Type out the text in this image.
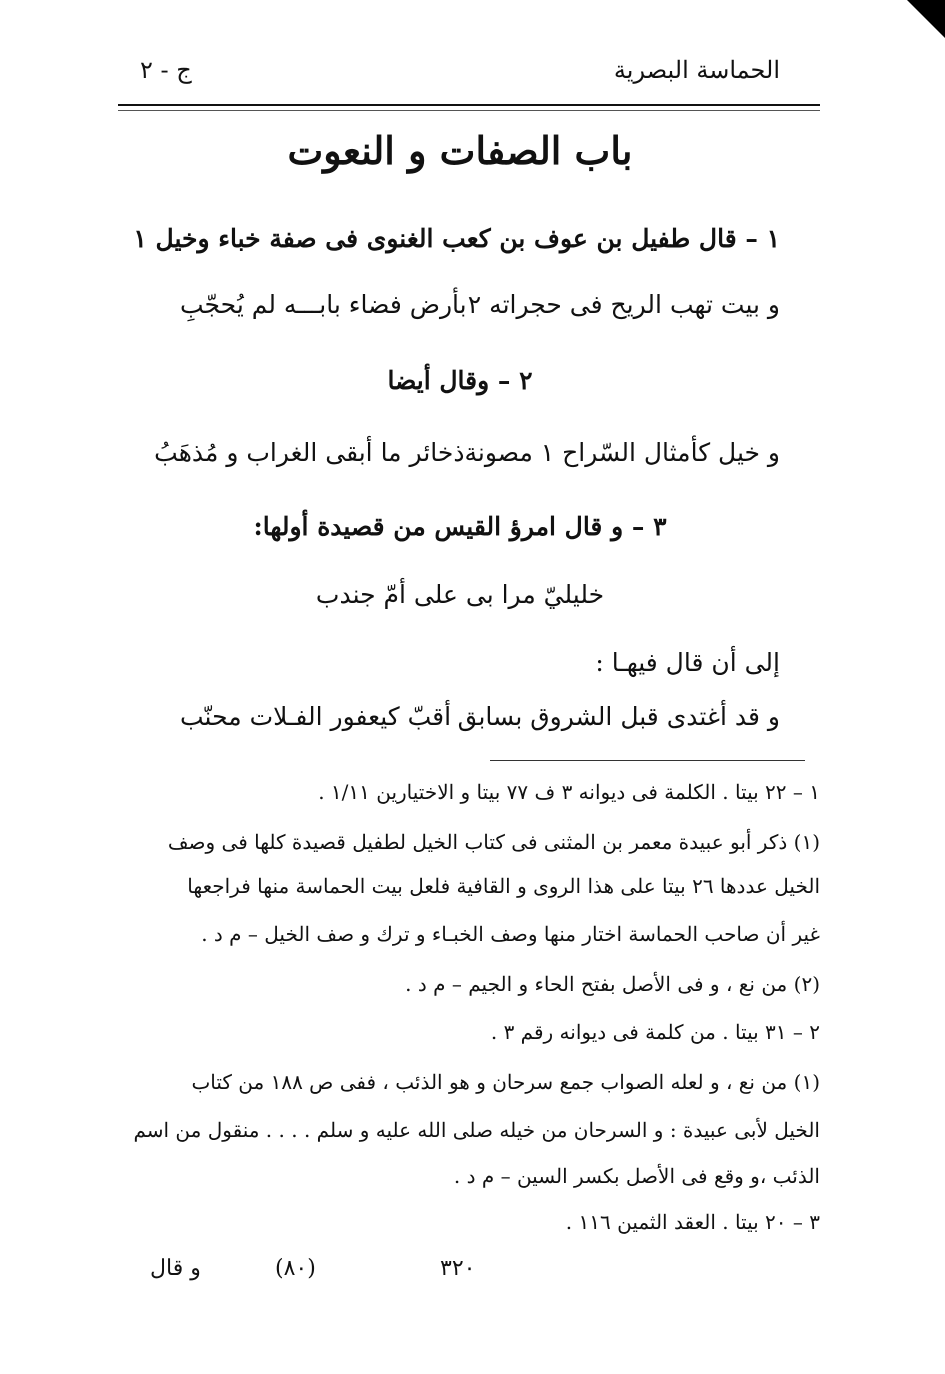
الحماسة البصرية
ج - ٢
باب الصفات و النعوت
١ – قال طفيل بن عوف بن كعب الغنوى فى صفة خباء وخيل ١
و بيت تهب الريح فى حجراته ٢
بأرض فضاء بابـــه لم يُحجّبِ
٢ – وقال أيضا
و خيل كأمثال السّراح ١ مصونة
ذخائر ما أبقى الغراب و مُذهَبُ
٣ – و قال امرؤ القيس من قصيدة أولها:
خليليّ مرا بى على أمّ جندب
إلى أن قال فيهـا :
و قد أغتدى قبل الشروق بسابق
أقبّ كيعفور الفـلات محنّب
١ – ٢٢ بيتا . الكلمة فى ديوانه ٣ ف ٧٧ بيتا و الاختيارين ١/١١ .
(١) ذكر أبو عبيدة معمر بن المثنى فى كتاب الخيل لطفيل قصيدة كلها فى وصف
الخيل عددها ٢٦ بيتا على هذا الروى و القافية فلعل بيت الحماسة منها فراجعها
غير أن صاحب الحماسة اختار منها وصف الخبـاء و ترك و صف الخيل – م د .
(٢) من نع ، و فى الأصل بفتح الحاء و الجيم – م د .
٢ – ٣١ بيتا . من كلمة فى ديوانه رقم ٣ .
(١) من نع ، و لعله الصواب جمع سرحان و هو الذئب ، ففى ص ١٨٨ من كتاب
الخيل لأبى عبيدة : و السرحان من خيله صلى الله عليه و سلم . . . . منقول من اسم
الذئب ،و وقع فى الأصل بكسر السين – م د .
٣ – ٢٠ بيتا . العقد الثمين ١١٦ .
و قال	(٨٠)	٣٢٠
